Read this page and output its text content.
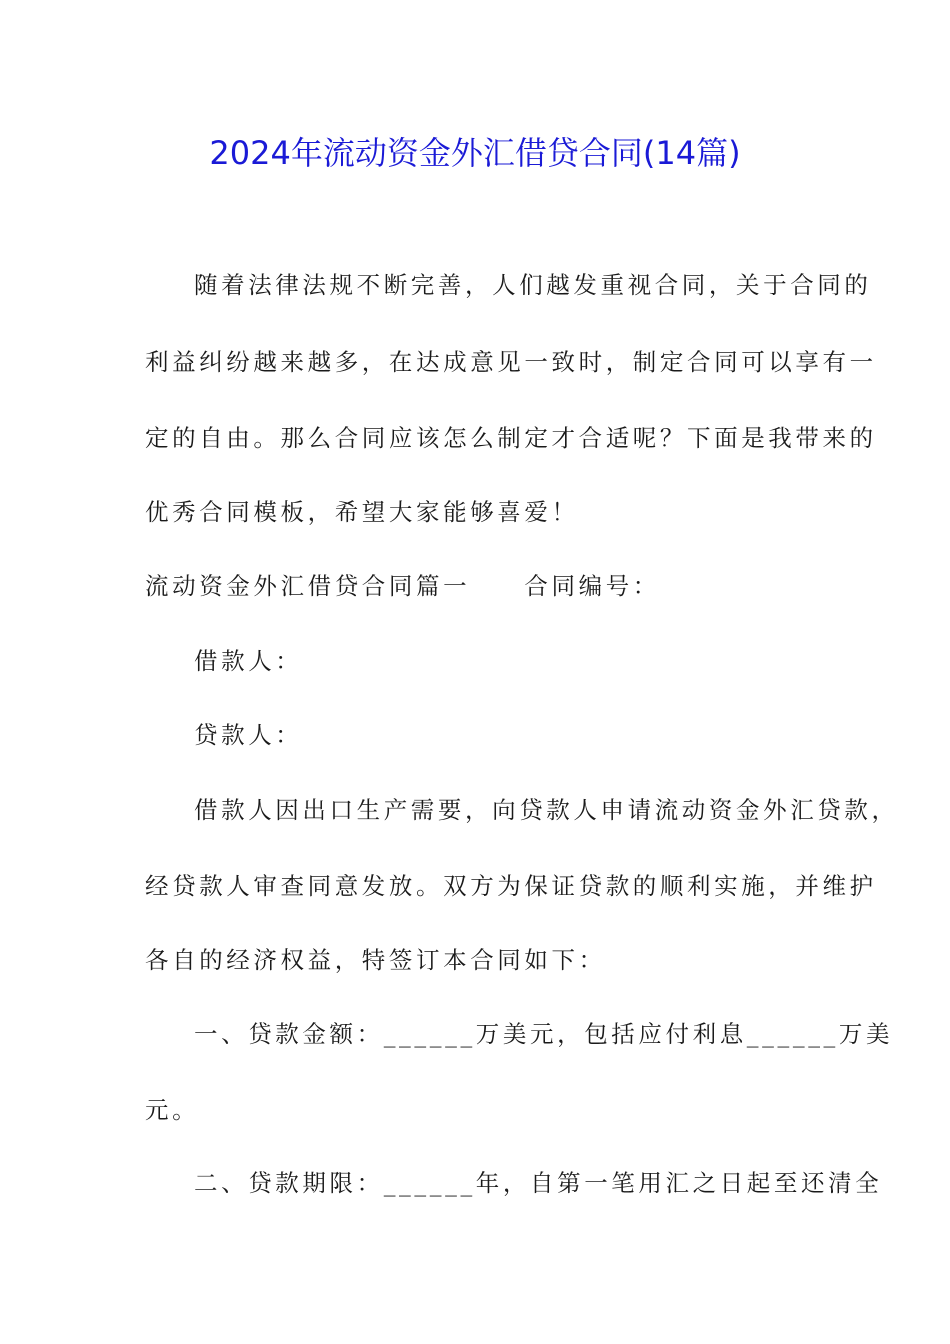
2024年流动资金外汇借贷合同(14篇)
随着法律法规不断完善，人们越发重视合同，关于合同的
利益纠纷越来越多，在达成意见一致时，制定合同可以享有一
定的自由。那么合同应该怎么制定才合适呢？下面是我带来的
优秀合同模板，希望大家能够喜爱！
流动资金外汇借贷合同篇一　　合同编号：
借款人：
贷款人：
借款人因出口生产需要，向贷款人申请流动资金外汇贷款，
经贷款人审查同意发放。双方为保证贷款的顺利实施，并维护
各自的经济权益，特签订本合同如下：
一、贷款金额：______万美元，包括应付利息______万美
元。
二、贷款期限：______年，自第一笔用汇之日起至还清全
